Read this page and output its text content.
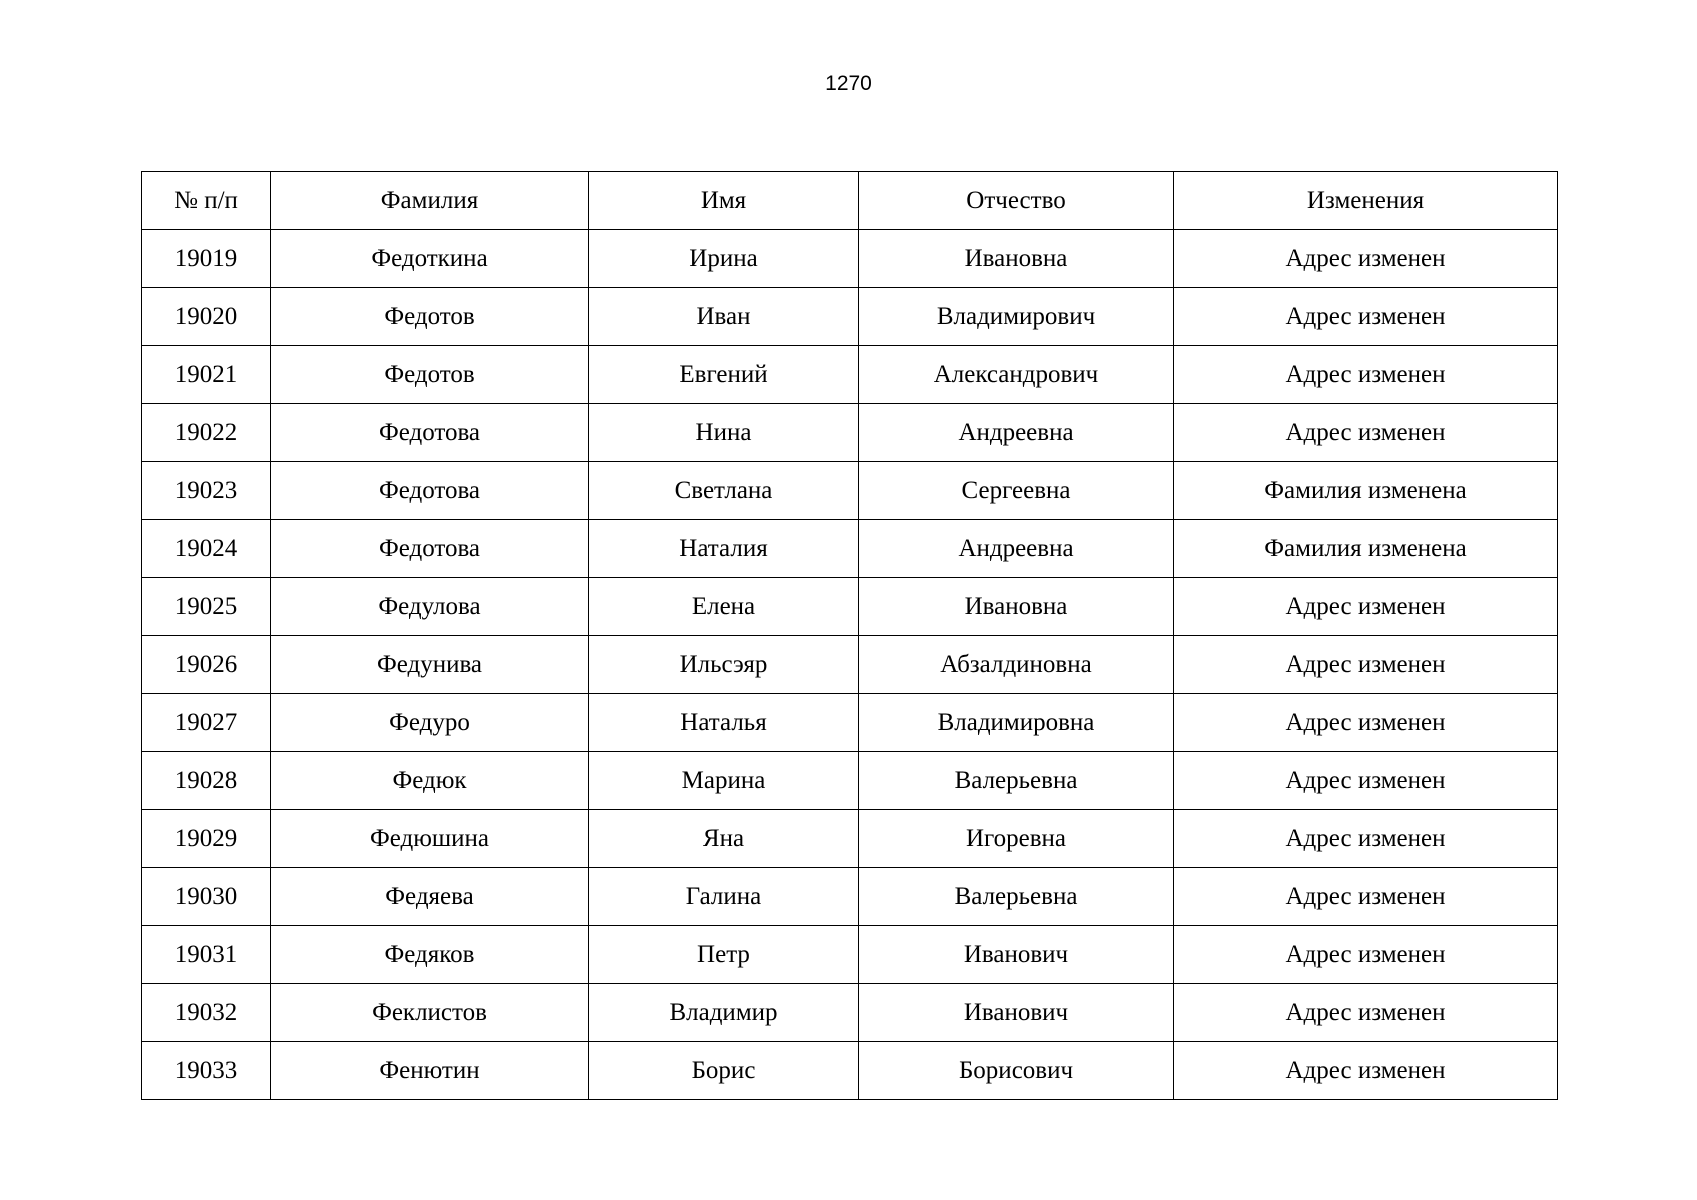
1270
№ п/п	Фамилия	Имя	Отчество	Изменения
19019	Федоткина	Ирина	Ивановна	Адрес изменен
19020	Федотов	Иван	Владимирович	Адрес изменен
19021	Федотов	Евгений	Александрович	Адрес изменен
19022	Федотова	Нина	Андреевна	Адрес изменен
19023	Федотова	Светлана	Сергеевна	Фамилия изменена
19024	Федотова	Наталия	Андреевна	Фамилия изменена
19025	Федулова	Елена	Ивановна	Адрес изменен
19026	Федунива	Ильсэяр	Абзалдиновна	Адрес изменен
19027	Федуро	Наталья	Владимировна	Адрес изменен
19028	Федюк	Марина	Валерьевна	Адрес изменен
19029	Федюшина	Яна	Игоревна	Адрес изменен
19030	Федяева	Галина	Валерьевна	Адрес изменен
19031	Федяков	Петр	Иванович	Адрес изменен
19032	Феклистов	Владимир	Иванович	Адрес изменен
19033	Фенютин	Борис	Борисович	Адрес изменен
